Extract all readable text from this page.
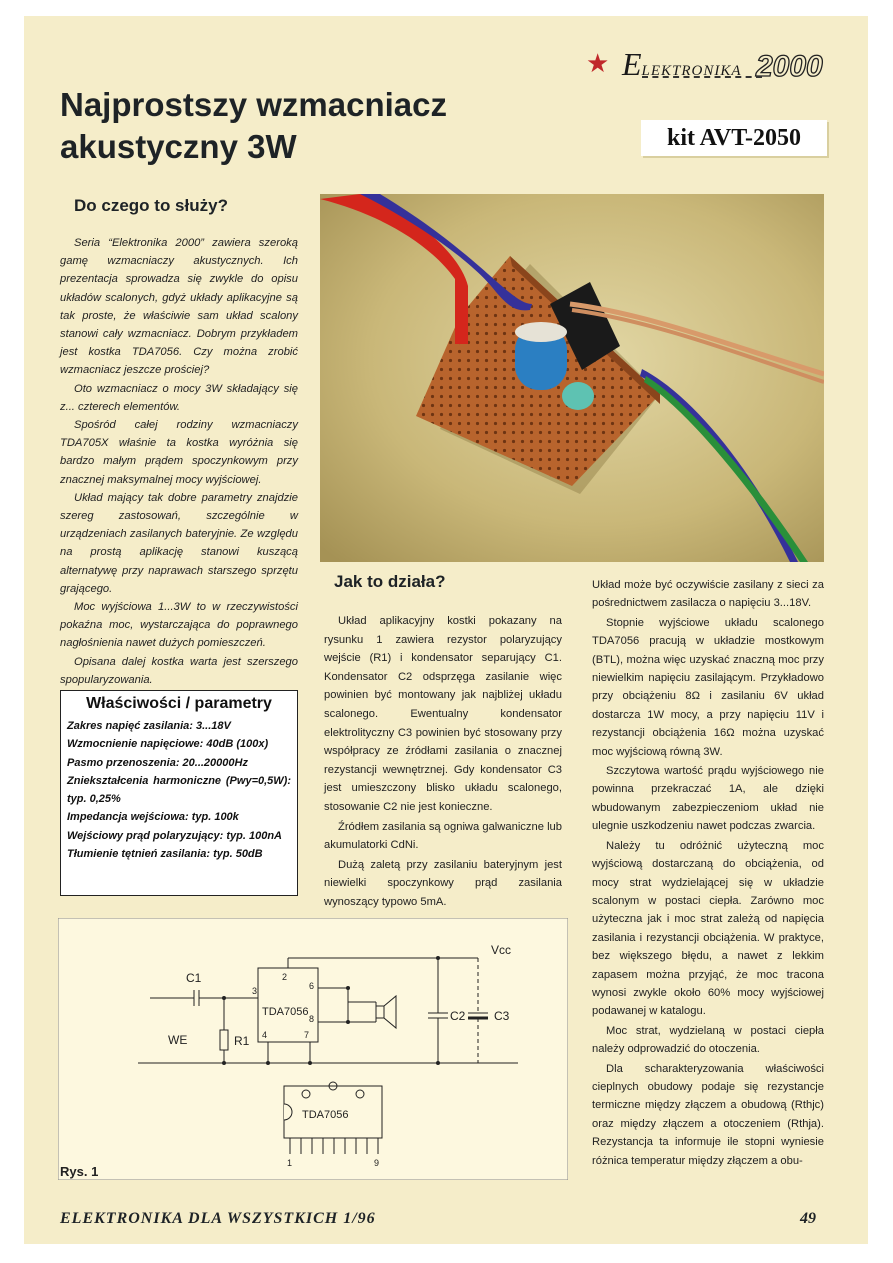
★ ELEKTRONIKA 2000
Najprostszy wzmacniacz
akustyczny 3W	kit AVT-2050
Do czego to służy?

Seria “Elektronika 2000” zawiera szeroką gamę wzmacniaczy akustycznych. Ich prezentacja sprowadza się zwykle do opisu układów scalonych, gdyż układy aplikacyjne są tak proste, że właściwie sam układ scalony stanowi cały wzmacniacz. Dobrym przykładem jest kostka TDA7056. Czy można zrobić wzmacniacz jeszcze prościej?

Oto wzmacniacz o mocy 3W składający się z... czterech elementów.

Spośród całej rodziny wzmacniaczy TDA705X właśnie ta kostka wyróżnia się bardzo małym prądem spoczynkowym przy znacznej maksymalnej mocy wyjściowej.

Układ mający tak dobre parametry znajdzie szereg zastosowań, szczególnie w urządzeniach zasilanych bateryjnie. Ze względu na prostą aplikację stanowi kuszącą alternatywę przy naprawach starszego sprzętu grającego.

Moc wyjściowa 1...3W to w rzeczywistości pokaźna moc, wystarczająca do poprawnego nagłośnienia nawet dużych pomieszczeń.

Opisana dalej kostka warta jest szerszego spopularyzowania.

Właściwości / parametry
Zakres napięć zasilania: 3...18V
Wzmocnienie napięciowe: 40dB (100x)
Pasmo przenoszenia: 20...20000Hz
Zniekształcenia harmoniczne (Pwy=0,5W): typ. 0,25%
Impedancja wejściowa: typ. 100k
Wejściowy prąd polaryzujący: typ. 100nA
Tłumienie tętnień zasilania: typ. 50dB
Jak to działa?

Układ aplikacyjny kostki pokazany na rysunku 1 zawiera rezystor polaryzujący wejście (R1) i kondensator separujący C1. Kondensator C2 odsprzęga zasilanie więc powinien być montowany jak najbliżej układu scalonego. Ewentualny kondensator elektrolityczny C3 powinien być stosowany przy współpracy ze źródłami zasilania o znacznej rezystancji wewnętrznej. Gdy kondensator C3 jest umieszczony blisko układu scalonego, stosowanie C2 nie jest konieczne.

Źródłem zasilania są ogniwa galwaniczne lub akumulatorki CdNi.

Dużą zaletą przy zasilaniu bateryjnym jest niewielki spoczynkowy prąd zasilania wynoszący typowo 5mA.

Układ może być oczywiście zasilany z sieci za pośrednictwem zasilacza o napięciu 3...18V.

Stopnie wyjściowe układu scalonego TDA7056 pracują w układzie mostkowym (BTL), można więc uzyskać znaczną moc przy niewielkim napięciu zasilającym. Przykładowo przy obciążeniu 8Ω i zasilaniu 6V układ dostarcza 1W mocy, a przy napięciu 11V i rezystancji obciążenia 16Ω można uzyskać moc wyjściową równą 3W.

Szczytowa wartość prądu wyjściowego nie powinna przekraczać 1A, ale dzięki wbudowanym zabezpieczeniom układ nie ulegnie uszkodzeniu nawet podczas zwarcia.

Należy tu odróżnić użyteczną moc wyjściową dostarczaną do obciążenia, od mocy strat wydzielającej się w układzie scalonym w postaci ciepła. Zarówno moc użyteczna jak i moc strat zależą od napięcia zasilania i rezystancji obciążenia. W praktyce, bez większego błędu, a nawet z lekkim zapasem można przyjąć, że moc tracona wynosi zwykle około 60% mocy wyjściowej podawanej w katalogu.

Moc strat, wydzielaną w postaci ciepła należy odprowadzić do otoczenia.

Dla scharakteryzowania właściwości cieplnych obudowy podaje się rezystancje termiczne między złączem a obudową (Rthjc) oraz między złączem a otoczeniem (Rthja). Rezystancja ta informuje ile stopni wyniesie różnica temperatur między złączem a obu-

Vcc
C1
C2 C3
R1
WE
TDA7056
2
3
4
6
7
8
TDA7056
1	9
Rys. 1
ELEKTRONIKA DLA WSZYSTKICH 1/96	49
